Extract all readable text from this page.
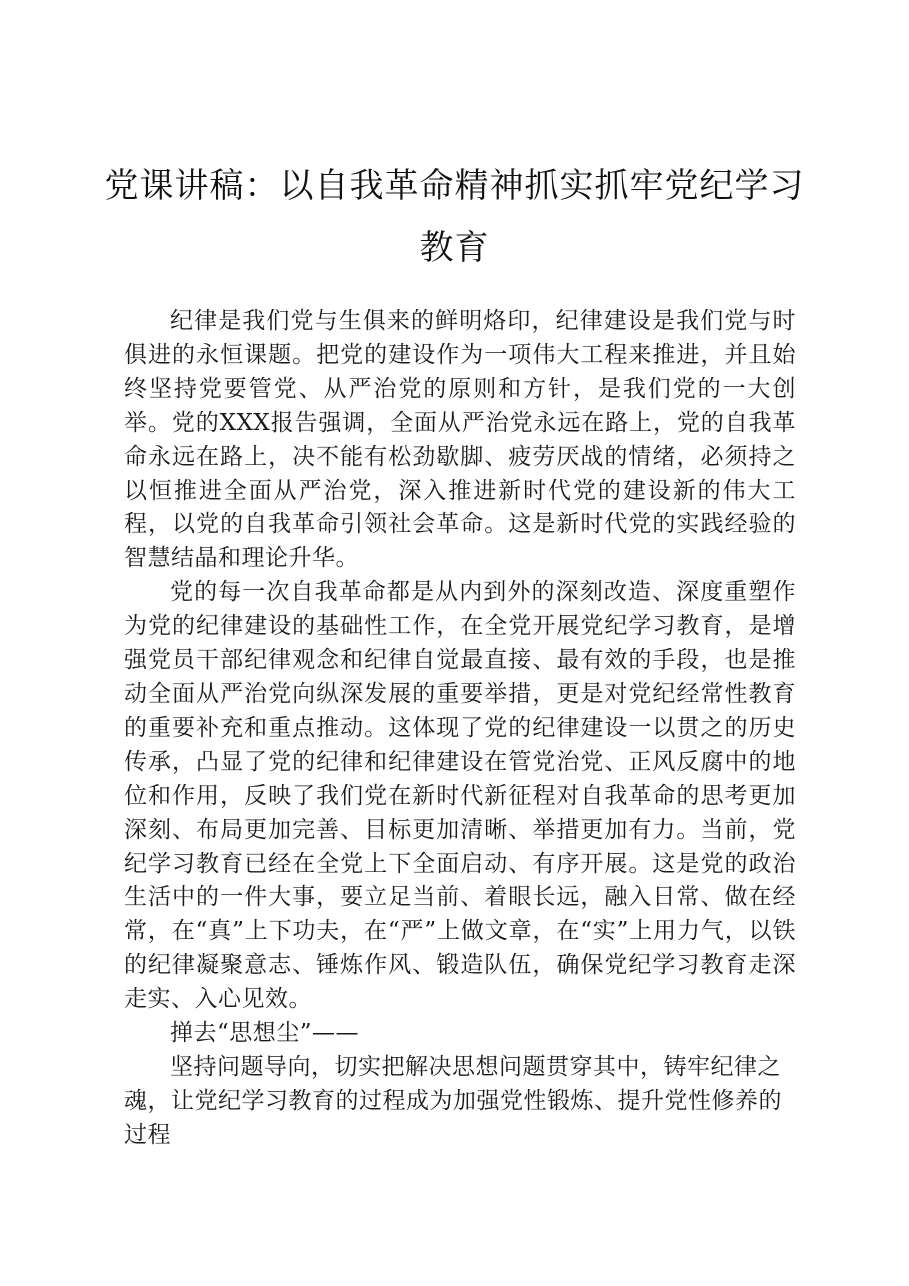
党课讲稿：以自我革命精神抓实抓牢党纪学习教育

纪律是我们党与生俱来的鲜明烙印，纪律建设是我们党与时俱进的永恒课题。把党的建设作为一项伟大工程来推进，并且始终坚持党要管党、从严治党的原则和方针，是我们党的一大创举。党的XXX报告强调，全面从严治党永远在路上，党的自我革命永远在路上，决不能有松劲歇脚、疲劳厌战的情绪，必须持之以恒推进全面从严治党，深入推进新时代党的建设新的伟大工程，以党的自我革命引领社会革命。这是新时代党的实践经验的智慧结晶和理论升华。

党的每一次自我革命都是从内到外的深刻改造、深度重塑作为党的纪律建设的基础性工作，在全党开展党纪学习教育，是增强党员干部纪律观念和纪律自觉最直接、最有效的手段，也是推动全面从严治党向纵深发展的重要举措，更是对党纪经常性教育的重要补充和重点推动。这体现了党的纪律建设一以贯之的历史传承，凸显了党的纪律和纪律建设在管党治党、正风反腐中的地位和作用，反映了我们党在新时代新征程对自我革命的思考更加深刻、布局更加完善、目标更加清晰、举措更加有力。当前，党纪学习教育已经在全党上下全面启动、有序开展。这是党的政治生活中的一件大事，要立足当前、着眼长远，融入日常、做在经常，在“真”上下功夫，在“严”上做文章，在“实”上用力气，以铁的纪律凝聚意志、锤炼作风、锻造队伍，确保党纪学习教育走深走实、入心见效。

掸去“思想尘”——

坚持问题导向，切实把解决思想问题贯穿其中，铸牢纪律之魂，让党纪学习教育的过程成为加强党性锻炼、提升党性修养的过程
